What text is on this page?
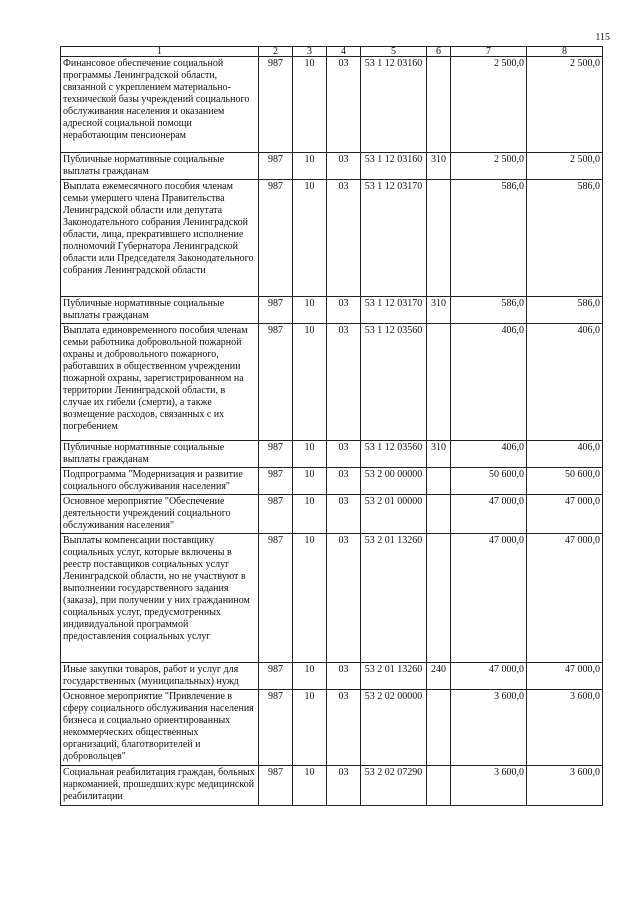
115
1	2	3	4	5	6	7	8
Финансовое обеспечение социальной программы Ленинградской области, связанной с укреплением материально-технической базы учреждений социального обслуживания населения и оказанием адресной социальной помощи неработающим пенсионерам	987	10	03	53 1 12 03160		2 500,0	2 500,0
Публичные нормативные социальные выплаты гражданам	987	10	03	53 1 12 03160	310	2 500,0	2 500,0
Выплата ежемесячного пособия членам семьи умершего члена Правительства Ленинградской области или депутата Законодательного собрания Ленинградской области, лица, прекратившего исполнение полномочий Губернатора Ленинградской области или Председателя Законодательного собрания Ленинградской области	987	10	03	53 1 12 03170		586,0	586,0
Публичные нормативные социальные выплаты гражданам	987	10	03	53 1 12 03170	310	586,0	586,0
Выплата единовременного пособия членам семьи работника добровольной пожарной охраны и добровольного пожарного, работавших в общественном учреждении пожарной охраны, зарегистрированном на территории Ленинградской области, в случае их гибели (смерти), а также возмещение расходов, связанных с их погребением	987	10	03	53 1 12 03560		406,0	406,0
Публичные нормативные социальные выплаты гражданам	987	10	03	53 1 12 03560	310	406,0	406,0
Подпрограмма "Модернизация и развитие социального обслуживания населения"	987	10	03	53 2 00 00000		50 600,0	50 600,0
Основное мероприятие "Обеспечение деятельности учреждений социального обслуживания населения"	987	10	03	53 2 01 00000		47 000,0	47 000,0
Выплаты компенсации поставщику социальных услуг, которые включены в реестр поставщиков социальных услуг Ленинградской области, но не участвуют в выполнении государственного задания (заказа), при получении у них гражданином социальных услуг, предусмотренных индивидуальной программой предоставления социальных услуг	987	10	03	53 2 01 13260		47 000,0	47 000,0
Иные закупки товаров, работ и услуг для государственных (муниципальных) нужд	987	10	03	53 2 01 13260	240	47 000,0	47 000,0
Основное мероприятие "Привлечение в сферу социального обслуживания населения бизнеса и социально ориентированных некоммерческих общественных организаций, благотворителей и добровольцев"	987	10	03	53 2 02 00000		3 600,0	3 600,0
Социальная реабилитация граждан, больных наркоманией, прошедших курс медицинской реабилитации	987	10	03	53 2 02 07290		3 600,0	3 600,0
